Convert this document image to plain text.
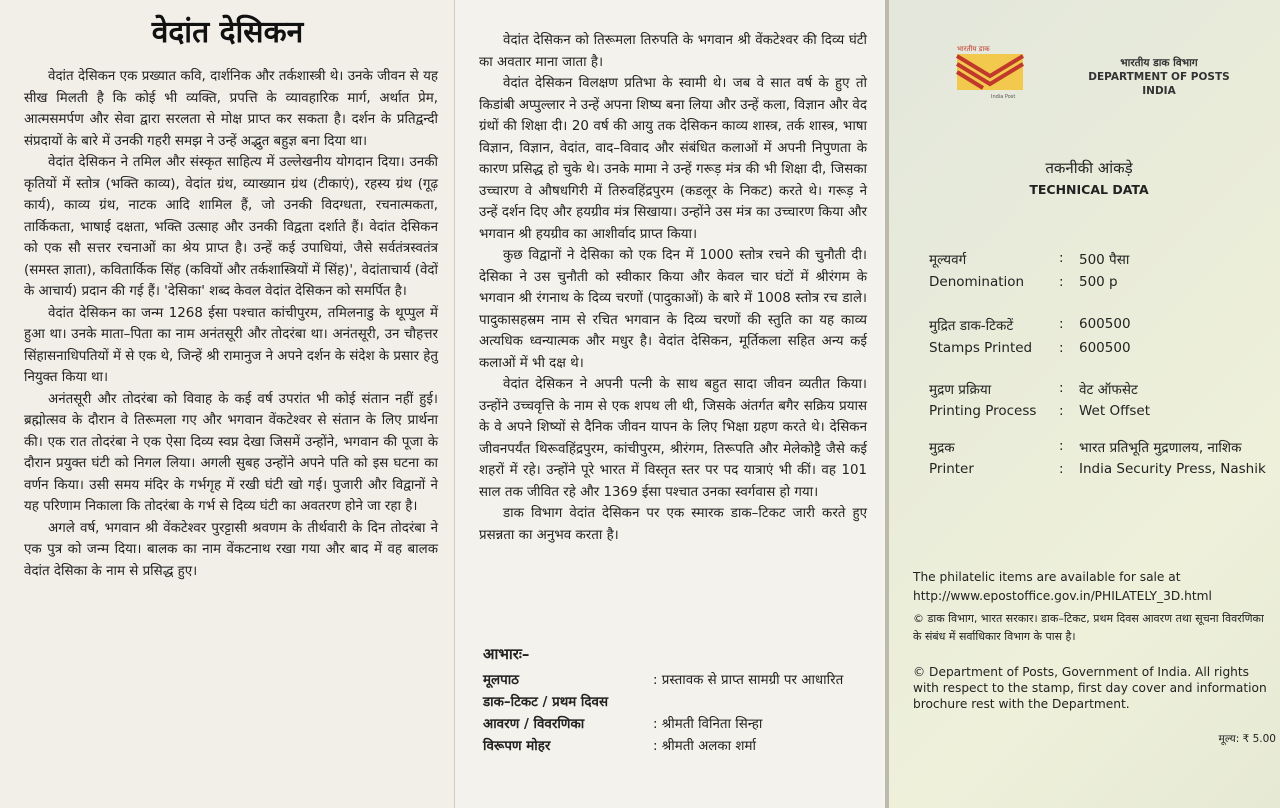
वेदांत देसिकन

वेदांत देसिकन एक प्रख्यात कवि, दार्शनिक और तर्कशास्त्री थे। उनके जीवन से यह सीख मिलती है कि कोई भी व्यक्ति, प्रपत्ति के व्यावहारिक मार्ग, अर्थात प्रेम, आत्मसमर्पण और सेवा द्वारा सरलता से मोक्ष प्राप्त कर सकता है। दर्शन के प्रतिद्वन्दी संप्रदायों के बारे में उनकी गहरी समझ ने उन्हें अद्भुत बहुज्ञ बना दिया था।

वेदांत देसिकन ने तमिल और संस्कृत साहित्य में उल्लेखनीय योगदान दिया। उनकी कृतियों में स्तोत्र (भक्ति काव्य), वेदांत ग्रंथ, व्याख्यान ग्रंथ (टीकाएं), रहस्य ग्रंथ (गूढ़ कार्य), काव्य ग्रंथ, नाटक आदि शामिल हैं, जो उनकी विदग्धता, रचनात्मकता, तार्किकता, भाषाई दक्षता, भक्ति उत्साह और उनकी विद्वता दर्शाते हैं। वेदांत देसिकन को एक सौ सत्तर रचनाओं का श्रेय प्राप्त है। उन्हें कई उपाधियां, जैसे सर्वतंत्रस्वतंत्र (समस्त ज्ञाता), कवितार्किक सिंह (कवियों और तर्कशास्त्रियों में सिंह)', वेदांताचार्य (वेदों के आचार्य) प्रदान की गई हैं। 'देसिका' शब्द केवल वेदांत देसिकन को समर्पित है।

वेदांत देसिकन का जन्म 1268 ईसा पश्चात कांचीपुरम, तमिलनाडु के थूप्पुल में हुआ था। उनके माता–पिता का नाम अनंतसूरी और तोदरंबा था। अनंतसूरी, उन चौहत्तर सिंहासनाधिपतियों में से एक थे, जिन्हें श्री रामानुज ने अपने दर्शन के संदेश के प्रसार हेतु नियुक्त किया था।

अनंतसूरी और तोदरंबा को विवाह के कई वर्ष उपरांत भी कोई संतान नहीं हुई। ब्रह्मोत्सव के दौरान वे तिरूमला गए और भगवान वेंकटेश्वर से संतान के लिए प्रार्थना की। एक रात तोदरंबा ने एक ऐसा दिव्य स्वप्न देखा जिसमें उन्होंने, भगवान की पूजा के दौरान प्रयुक्त घंटी को निगल लिया। अगली सुबह उन्होंने अपने पति को इस घटना का वर्णन किया। उसी समय मंदिर के गर्भगृह में रखी घंटी खो गई। पुजारी और विद्वानों ने यह परिणाम निकाला कि तोदरंबा के गर्भ से दिव्य घंटी का अवतरण होने जा रहा है।

अगले वर्ष, भगवान श्री वेंकटेश्वर पुरट्टासी श्रवणम के तीर्थवारी के दिन तोदरंबा ने एक पुत्र को जन्म दिया। बालक का नाम वेंकटनाथ रखा गया और बाद में वह बालक वेदांत देसिका के नाम से प्रसिद्ध हुए।

वेदांत देसिकन को तिरूमला तिरुपति के भगवान श्री वेंकटेश्वर की दिव्य घंटी का अवतार माना जाता है।

वेदांत देसिकन विलक्षण प्रतिभा के स्वामी थे। जब वे सात वर्ष के हुए तो किडांबी अप्पुल्लार ने उन्हें अपना शिष्य बना लिया और उन्हें कला, विज्ञान और वेद ग्रंथों की शिक्षा दी। 20 वर्ष की आयु तक देसिकन काव्य शास्त्र, तर्क शास्त्र, भाषा विज्ञान, विज्ञान, वेदांत, वाद–विवाद और संबंधित कलाओं में अपनी निपुणता के कारण प्रसिद्ध हो चुके थे। उनके मामा ने उन्हें गरूड़ मंत्र की भी शिक्षा दी, जिसका उच्चारण वे औषधगिरी में तिरुवहिंद्रपुरम (कडलूर के निकट) करते थे। गरूड़ ने उन्हें दर्शन दिए और हयग्रीव मंत्र सिखाया। उन्होंने उस मंत्र का उच्चारण किया और भगवान श्री हयग्रीव का आशीर्वाद प्राप्त किया।

कुछ विद्वानों ने देसिका को एक दिन में 1000 स्तोत्र रचने की चुनौती दी। देसिका ने उस चुनौती को स्वीकार किया और केवल चार घंटों में श्रीरंगम के भगवान श्री रंगनाथ के दिव्य चरणों (पादुकाओं) के बारे में 1008 स्तोत्र रच डाले। पादुकासहस्रम नाम से रचित भगवान के दिव्य चरणों की स्तुति का यह काव्य अत्यधिक ध्वन्यात्मक और मधुर है। वेदांत देसिकन, मूर्तिकला सहित अन्य कई कलाओं में भी दक्ष थे।

वेदांत देसिकन ने अपनी पत्नी के साथ बहुत सादा जीवन व्यतीत किया। उन्होंने उच्चवृत्ति के नाम से एक शपथ ली थी, जिसके अंतर्गत बगैर सक्रिय प्रयास के वे अपने शिष्यों से दैनिक जीवन यापन के लिए भिक्षा ग्रहण करते थे। देसिकन जीवनपर्यंत थिरूवहिंद्रपुरम, कांचीपुरम, श्रीरंगम, तिरूपति और मेलेकोट्टै जैसे कई शहरों में रहे। उन्होंने पूरे भारत में विस्तृत स्तर पर पद यात्राएं भी कीं। वह 101 साल तक जीवित रहे और 1369 ईसा पश्चात उनका स्वर्गवास हो गया।

डाक विभाग वेदांत देसिकन पर एक स्मारक डाक–टिकट जारी करते हुए प्रसन्नता का अनुभव करता है।

आभारः–
मूलपाठ	: प्रस्तावक से प्राप्त सामग्री पर आधारित
डाक–टिकट / प्रथम दिवस
आवरण / विवरणिका	: श्रीमती विनिता सिन्हा
विरूपण मोहर	: श्रीमती अलका शर्मा
भारतीय डाक
India Post
भारतीय डाक विभाग
DEPARTMENT OF POSTS
INDIA
तकनीकी आंकड़े
TECHNICAL DATA
मूल्यवर्ग	: 500 पैसा
Denomination	: 500 p
मुद्रित डाक-टिकटें	: 600500
Stamps Printed : 600500
मुद्रण प्रक्रिया	: वेट ऑफसेट
Printing Process : Wet Offset
मुद्रक	: भारत प्रतिभूति मुद्रणालय, नाशिक
Printer	: India Security Press, Nashik
The philatelic items are available for sale at
http://www.epostoffice.gov.in/PHILATELY_3D.html
© डाक विभाग, भारत सरकार। डाक–टिकट, प्रथम दिवस आवरण तथा सूचना विवरणिका के संबंध में सर्वाधिकार विभाग के पास है।
© Department of Posts, Government of India. All rights with respect to the stamp, first day cover and information brochure rest with the Department.
मूल्य: ₹ 5.00
